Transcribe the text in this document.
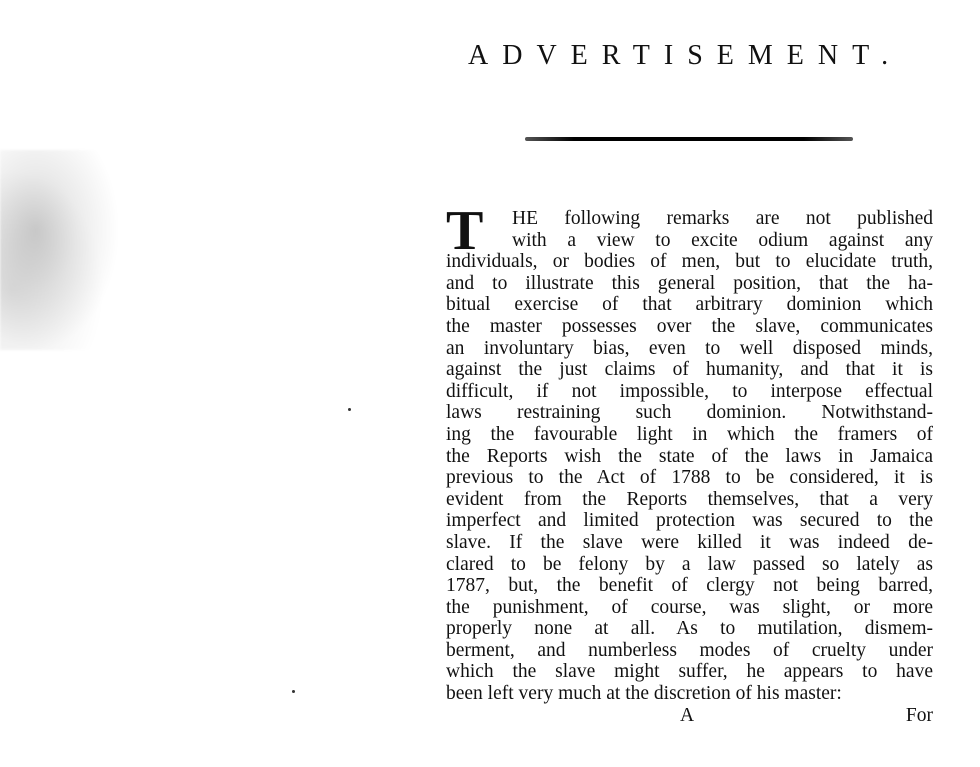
ADVERTISEMENT.
T	HE following remarks are not published
with a view to excite odium against any
individuals, or bodies of men, but to elucidate truth,
and to illustrate this general position, that the ha-
bitual exercise of that arbitrary dominion which
the master possesses over the slave, communicates
an involuntary bias, even to well disposed minds,
against the just claims of humanity, and that it is
difficult, if not impossible, to interpose effectual
laws restraining such dominion. Notwithstand-
ing the favourable light in which the framers of
the Reports wish the state of the laws in Jamaica
previous to the Act of 1788 to be considered, it is
evident from the Reports themselves, that a very
imperfect and limited protection was secured to the
slave. If the slave were killed it was indeed de-
clared to be felony by a law passed so lately as
1787, but, the benefit of clergy not being barred,
the punishment, of course, was slight, or more
properly none at all. As to mutilation, dismem-
berment, and numberless modes of cruelty under
which the slave might suffer, he appears to have
been left very much at the discretion of his master:
A	For
